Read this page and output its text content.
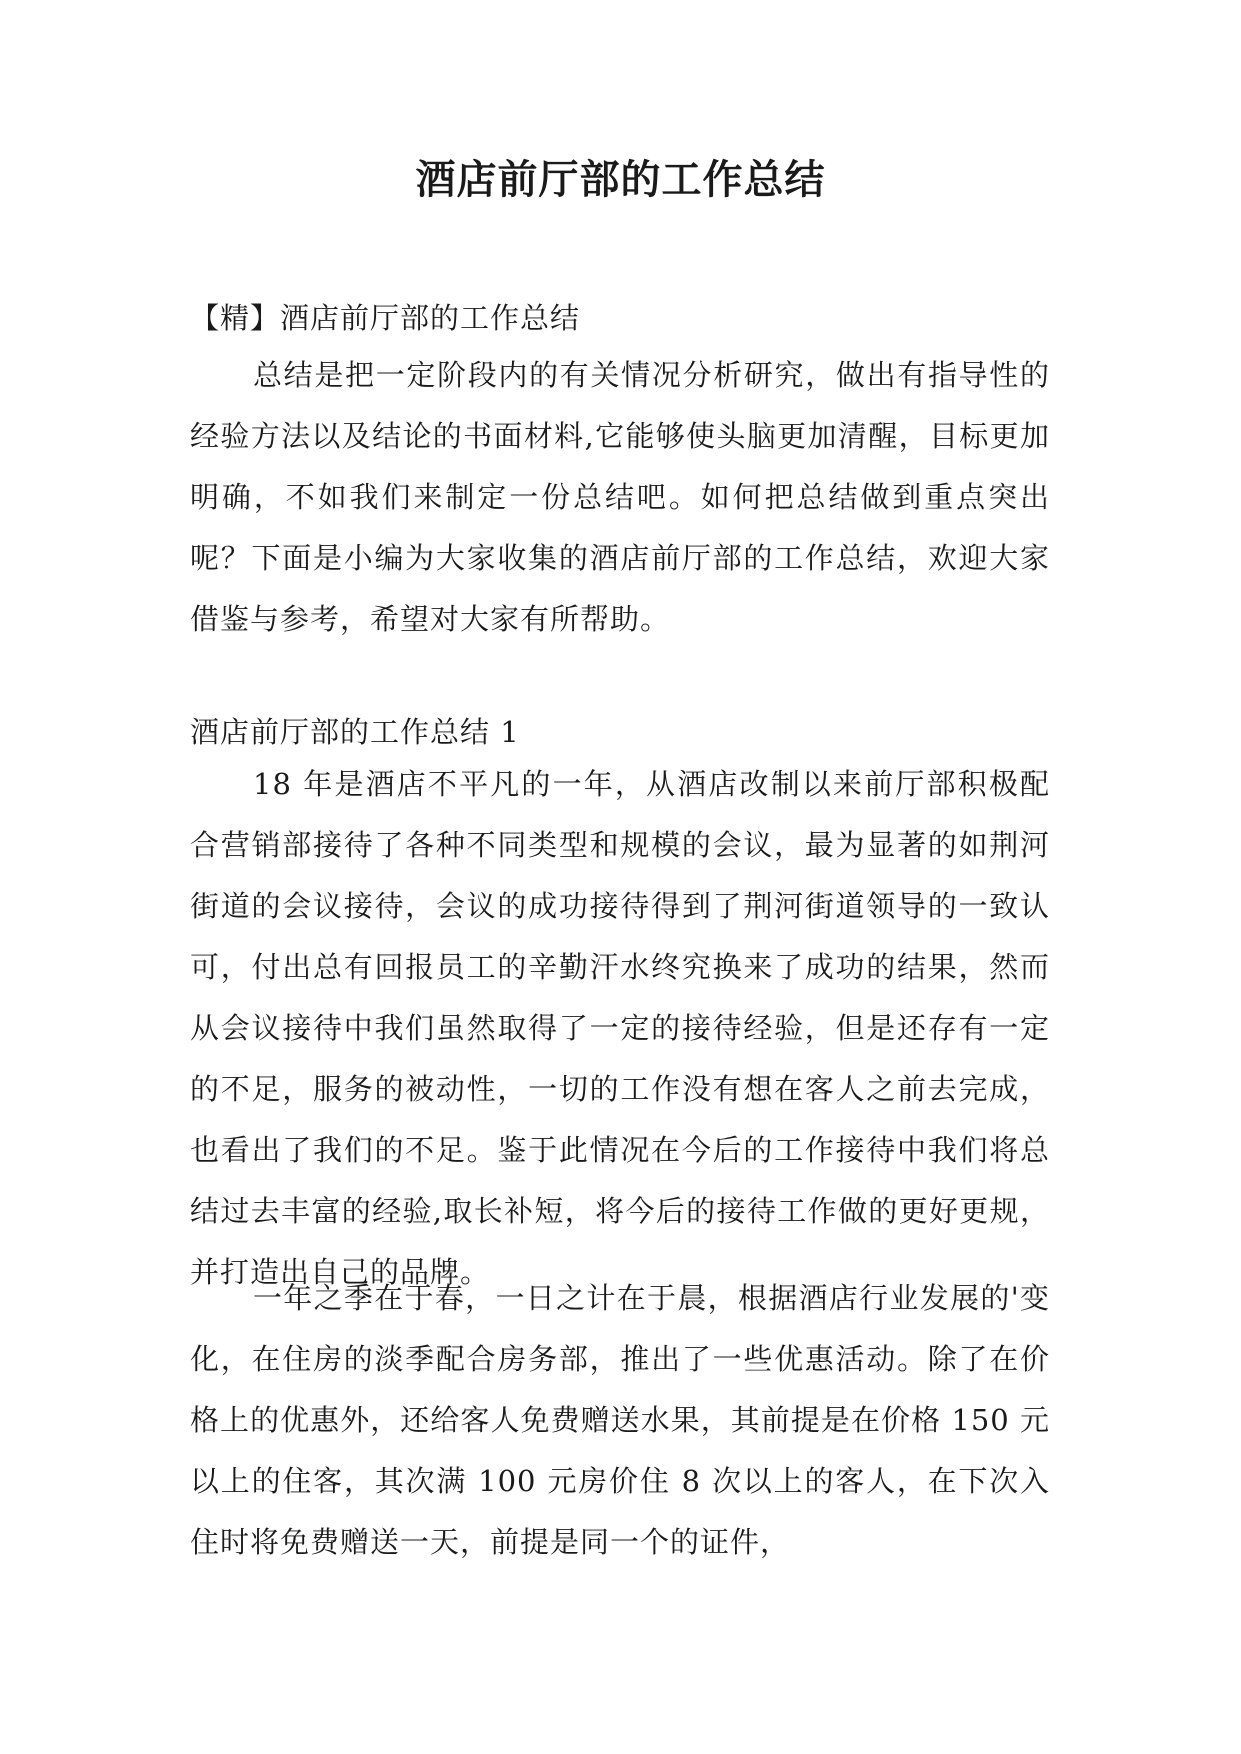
酒店前厅部的工作总结

【精】酒店前厅部的工作总结

总结是把一定阶段内的有关情况分析研究，做出有指导性的经验方法以及结论的书面材料,它能够使头脑更加清醒，目标更加明确，不如我们来制定一份总结吧。如何把总结做到重点突出呢？下面是小编为大家收集的酒店前厅部的工作总结，欢迎大家借鉴与参考，希望对大家有所帮助。

酒店前厅部的工作总结 1

18 年是酒店不平凡的一年，从酒店改制以来前厅部积极配合营销部接待了各种不同类型和规模的会议，最为显著的如荆河街道的会议接待，会议的成功接待得到了荆河街道领导的一致认可，付出总有回报员工的辛勤汗水终究换来了成功的结果，然而从会议接待中我们虽然取得了一定的接待经验，但是还存有一定的不足，服务的被动性，一切的工作没有想在客人之前去完成，也看出了我们的不足。鉴于此情况在今后的工作接待中我们将总结过去丰富的经验,取长补短，将今后的接待工作做的更好更规，并打造出自己的品牌。

一年之季在于春，一日之计在于晨，根据酒店行业发展的'变化，在住房的淡季配合房务部，推出了一些优惠活动。除了在价格上的优惠外，还给客人免费赠送水果，其前提是在价格 150 元以上的住客，其次满 100 元房价住 8 次以上的客人，在下次入住时将免费赠送一天，前提是同一个的证件，
